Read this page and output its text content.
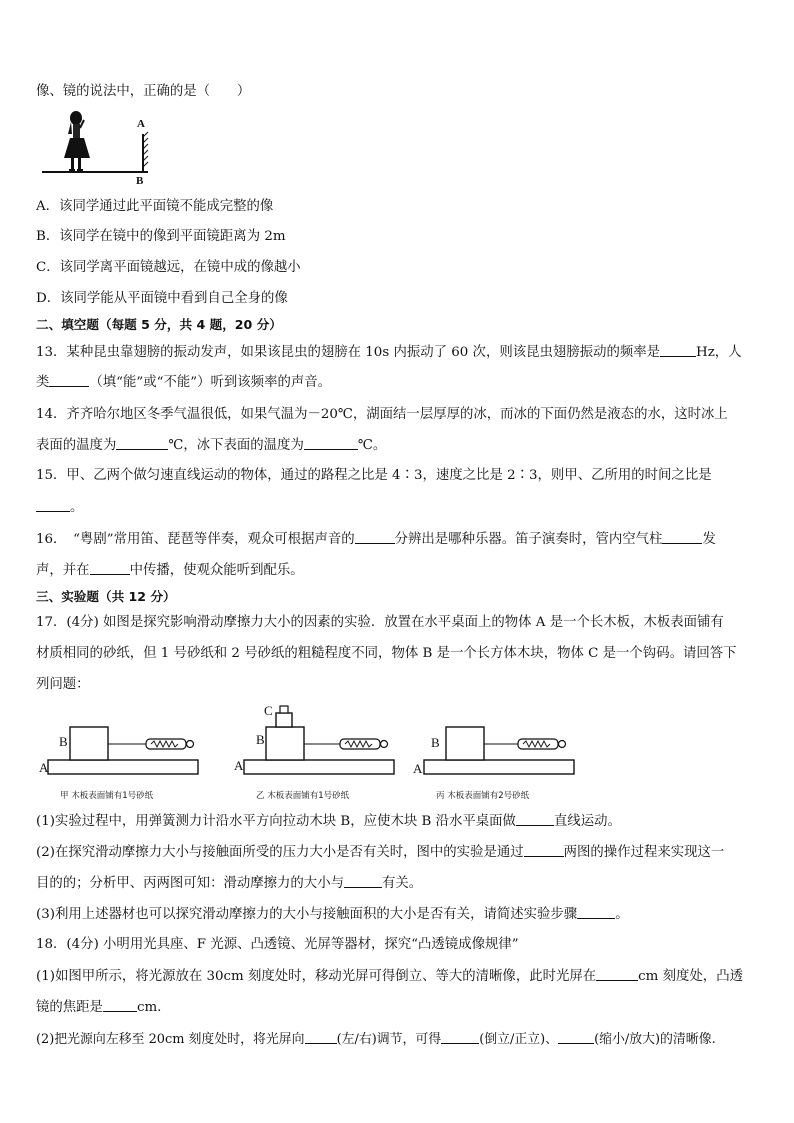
像、镜的说法中，正确的是（　　）
A
B
A．该同学通过此平面镜不能成完整的像
B．该同学在镜中的像到平面镜距离为 2m
C．该同学离平面镜越远，在镜中成的像越小
D．该同学能从平面镜中看到自己全身的像
二、填空题（每题 5 分，共 4 题，20 分）
13．某种昆虫靠翅膀的振动发声，如果该昆虫的翅膀在 10s 内振动了 60 次，则该昆虫翅膀振动的频率是	Hz，人
类	（填“能”或“不能”）听到该频率的声音。
14．齐齐哈尔地区冬季气温很低，如果气温为－20℃，湖面结一层厚厚的冰，而冰的下面仍然是液态的水，这时冰上
表面的温度为	℃，冰下表面的温度为	℃。
15．甲、乙两个做匀速直线运动的物体，通过的路程之比是 4∶3，速度之比是 2∶3，则甲、乙所用的时间之比是
。
16．　“粤剧”常用笛、琵琶等伴奏，观众可根据声音的	分辨出是哪种乐器。笛子演奏时，管内空气柱	发
声，并在	中传播，使观众能听到配乐。
三、实验题（共 12 分）
17．(4分) 如图是探究影响滑动摩擦力大小的因素的实验．放置在水平桌面上的物体 A 是一个长木板，木板表面铺有
材质相同的砂纸，但 1 号砂纸和 2 号砂纸的粗糙程度不同，物体 B 是一个长方体木块，物体 C 是一个钩码。请回答下
列问题：
B
A
C
B
A
B
A
甲 木板表面铺有1号砂纸	乙 木板表面铺有1号砂纸	丙 木板表面铺有2号砂纸
(1)实验过程中，用弹簧测力计沿水平方向拉动木块 B，应使木块 B 沿水平桌面做	直线运动。
(2)在探究滑动摩擦力大小与接触面所受的压力大小是否有关时，图中的实验是通过	两图的操作过程来实现这一
目的的；分析甲、丙两图可知：滑动摩擦力的大小与	有关。
(3)利用上述器材也可以探究滑动摩擦力的大小与接触面积的大小是否有关，请简述实验步骤	。
18．(4分) 小明用光具座、F 光源、凸透镜、光屏等器材，探究“凸透镜成像规律”
(1)如图甲所示，将光源放在 30cm 刻度处时，移动光屏可得倒立、等大的清晰像，此时光屏在	cm 刻度处，凸透
镜的焦距是	cm.
(2)把光源向左移至 20cm 刻度处时，将光屏向 (左/右)调节，可得	(倒立/正立)、	(缩小/放大)的清晰像.
